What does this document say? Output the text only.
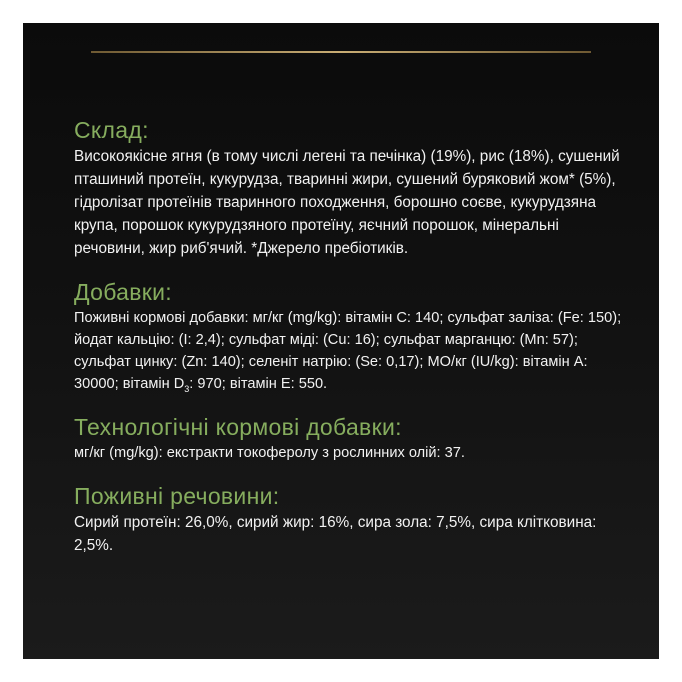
Склад:

Високоякісне ягня (в тому числі легені та печінка) (19%), рис (18%), сушений пташиний протеїн, кукурудза, тваринні жири, сушений буряковий жом* (5%), гідролізат протеїнів тваринного походження, борошно соєве, кукурудзяна крупа, порошок кукурудзяного протеїну, яєчний порошок, мінеральні речовини, жир риб'ячий. *Джерело пребіотиків.

Добавки:

Поживні кормові добавки: мг/кг (mg/kg): вітамін С: 140; сульфат заліза: (Fe: 150); йодат кальцію: (I: 2,4); сульфат міді: (Cu: 16); сульфат марганцю: (Mn: 57); сульфат цинку: (Zn: 140); селеніт натрію: (Se: 0,17); МО/кг (IU/kg): вітамін А: 30000; вітамін $D_3$: 970; вітамін Е: 550.

Технологічні кормові добавки:

мг/кг (mg/kg): екстракти токоферолу з рослинних олій: 37.

Поживні речовини:

Сирий протеїн: 26,0%, сирий жир: 16%, сира зола: 7,5%, сира клітковина: 2,5%.
